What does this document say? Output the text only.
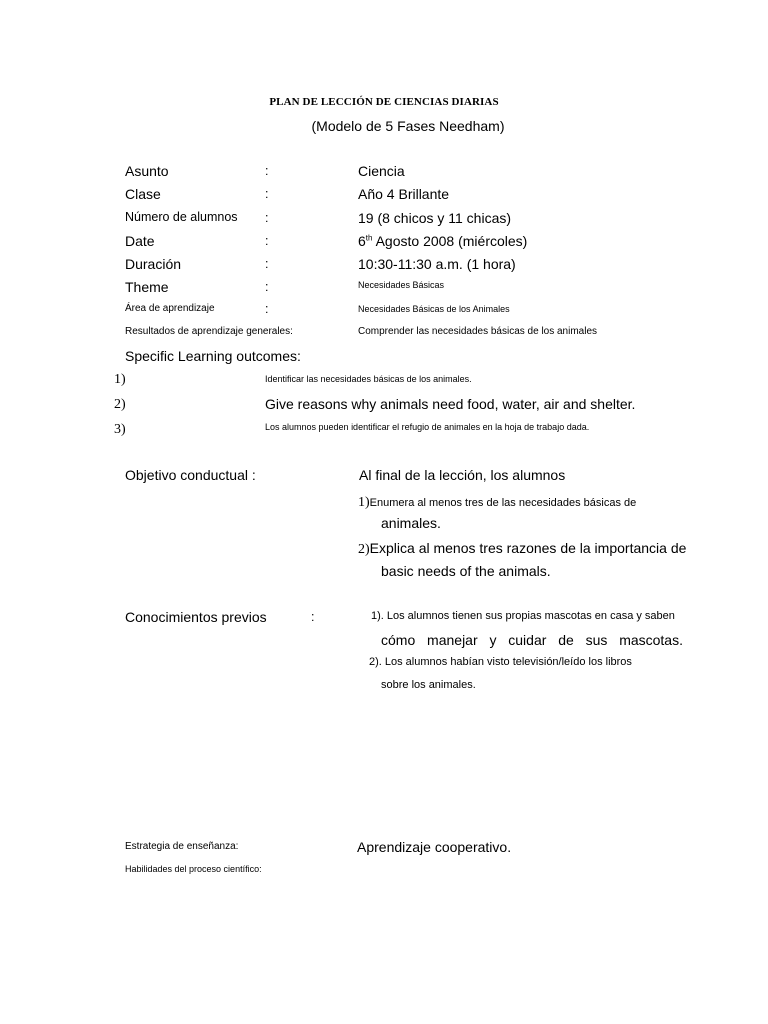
PLAN DE LECCIÓN DE CIENCIAS DIARIAS
(Modelo de 5 Fases Needham)
Asunto	:	Ciencia
Clase	:	Año 4 Brillante
Número de alumnos :	19 (8 chicos y 11 chicas)
Date	:	6th Agosto 2008 (miércoles)
Duración	:	10:30-11:30 a.m. (1 hora)
Theme	:	Necesidades Básicas
Área de aprendizaje	:	Necesidades Básicas de los Animales
Resultados de aprendizaje generales:	Comprender las necesidades básicas de los animales
Specific Learning outcomes:
1)	Identificar las necesidades básicas de los animales.
2)	Give reasons why animals need food, water, air and shelter.
3)	Los alumnos pueden identificar el refugio de animales en la hoja de trabajo dada.
Objetivo conductual :	Al final de la lección, los alumnos
1)Enumera al menos tres de las necesidades básicas de
animales.
2)Explica al menos tres razones de la importancia de
basic needs of the animals.
Conocimientos previos	:	1). Los alumnos tienen sus propias mascotas en casa y saben
cómo manejar y cuidar de sus mascotas.
2). Los alumnos habían visto televisión/leído los libros
sobre los animales.
Estrategia de enseñanza:	Aprendizaje cooperativo.
Habilidades del proceso científico:
